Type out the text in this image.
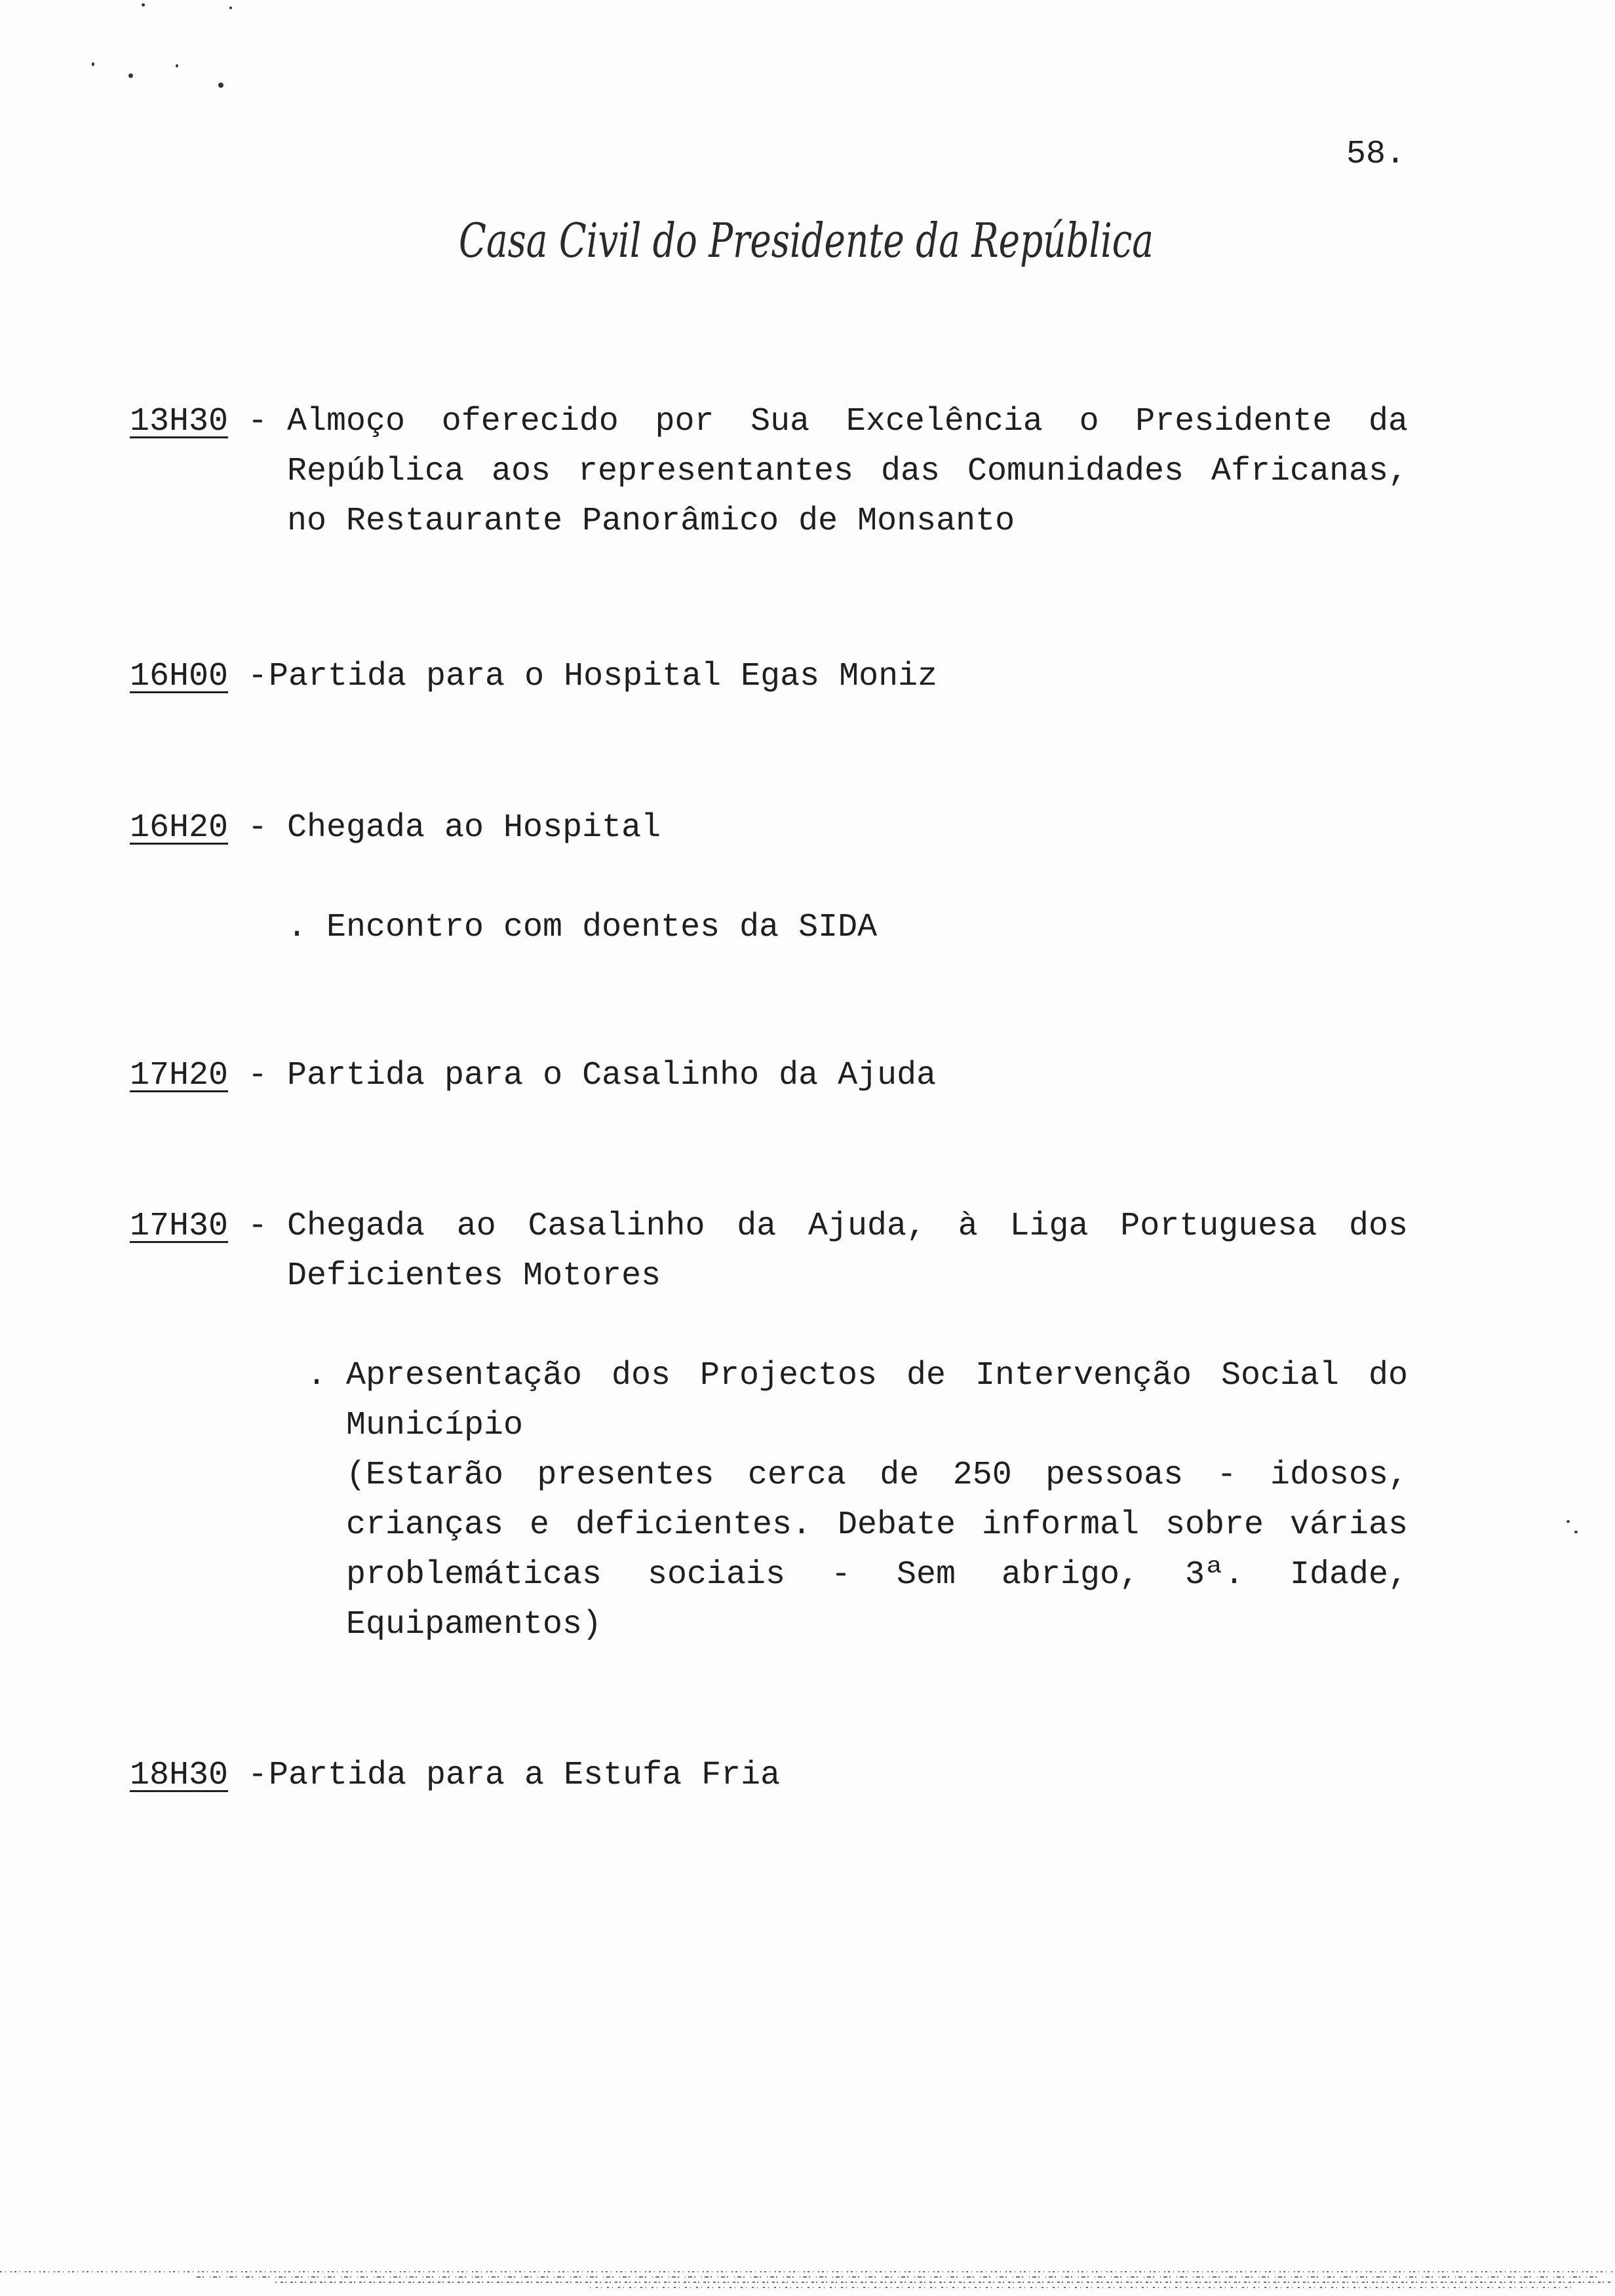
58.
Casa Civil do Presidente da República
13H30 - Almoço oferecido por Sua Excelência o Presidente da
República aos representantes das Comunidades Africanas,
no Restaurante Panorâmico de Monsanto
16H00 - Partida para o Hospital Egas Moniz
16H20 - Chegada ao Hospital
. Encontro com doentes da SIDA
17H20 - Partida para o Casalinho da Ajuda
17H30 - Chegada ao Casalinho da Ajuda, à Liga Portuguesa dos
Deficientes Motores
. Apresentação dos Projectos de Intervenção Social do
Município
(Estarão presentes cerca de 250 pessoas - idosos,
crianças e deficientes. Debate informal sobre várias
problemáticas sociais - Sem abrigo, 3ª. Idade,
Equipamentos)
18H30 - Partida para a Estufa Fria
